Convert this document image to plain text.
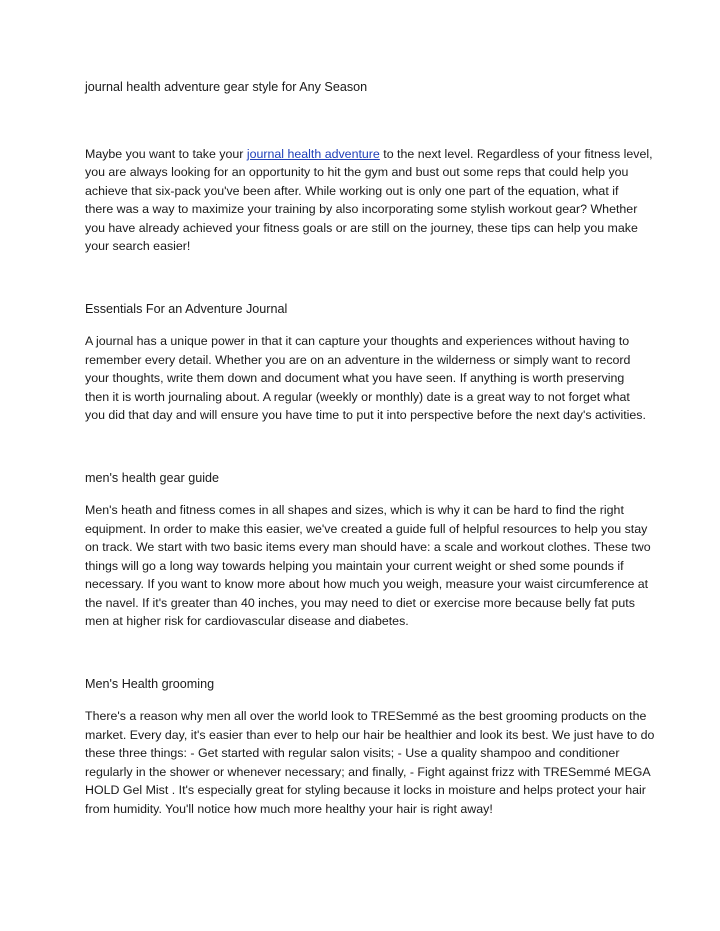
journal health adventure gear style for Any Season

Maybe you want to take your journal health adventure to the next level. Regardless of your fitness level,
you are always looking for an opportunity to hit the gym and bust out some reps that could help you
achieve that six-pack you've been after. While working out is only one part of the equation, what if
there was a way to maximize your training by also incorporating some stylish workout gear? Whether
you have already achieved your fitness goals or are still on the journey, these tips can help you make
your search easier!

Essentials For an Adventure Journal

A journal has a unique power in that it can capture your thoughts and experiences without having to
remember every detail. Whether you are on an adventure in the wilderness or simply want to record
your thoughts, write them down and document what you have seen. If anything is worth preserving
then it is worth journaling about. A regular (weekly or monthly) date is a great way to not forget what
you did that day and will ensure you have time to put it into perspective before the next day's activities.

men's health gear guide

Men's heath and fitness comes in all shapes and sizes, which is why it can be hard to find the right
equipment. In order to make this easier, we've created a guide full of helpful resources to help you stay
on track. We start with two basic items every man should have: a scale and workout clothes. These two
things will go a long way towards helping you maintain your current weight or shed some pounds if
necessary. If you want to know more about how much you weigh, measure your waist circumference at
the navel. If it's greater than 40 inches, you may need to diet or exercise more because belly fat puts
men at higher risk for cardiovascular disease and diabetes.

Men's Health grooming

There's a reason why men all over the world look to TRESemmé as the best grooming products on the
market. Every day, it's easier than ever to help our hair be healthier and look its best. We just have to do
these three things: - Get started with regular salon visits; - Use a quality shampoo and conditioner
regularly in the shower or whenever necessary; and finally, - Fight against frizz with TRESemmé MEGA
HOLD Gel Mist . It's especially great for styling because it locks in moisture and helps protect your hair
from humidity. You'll notice how much more healthy your hair is right away!
